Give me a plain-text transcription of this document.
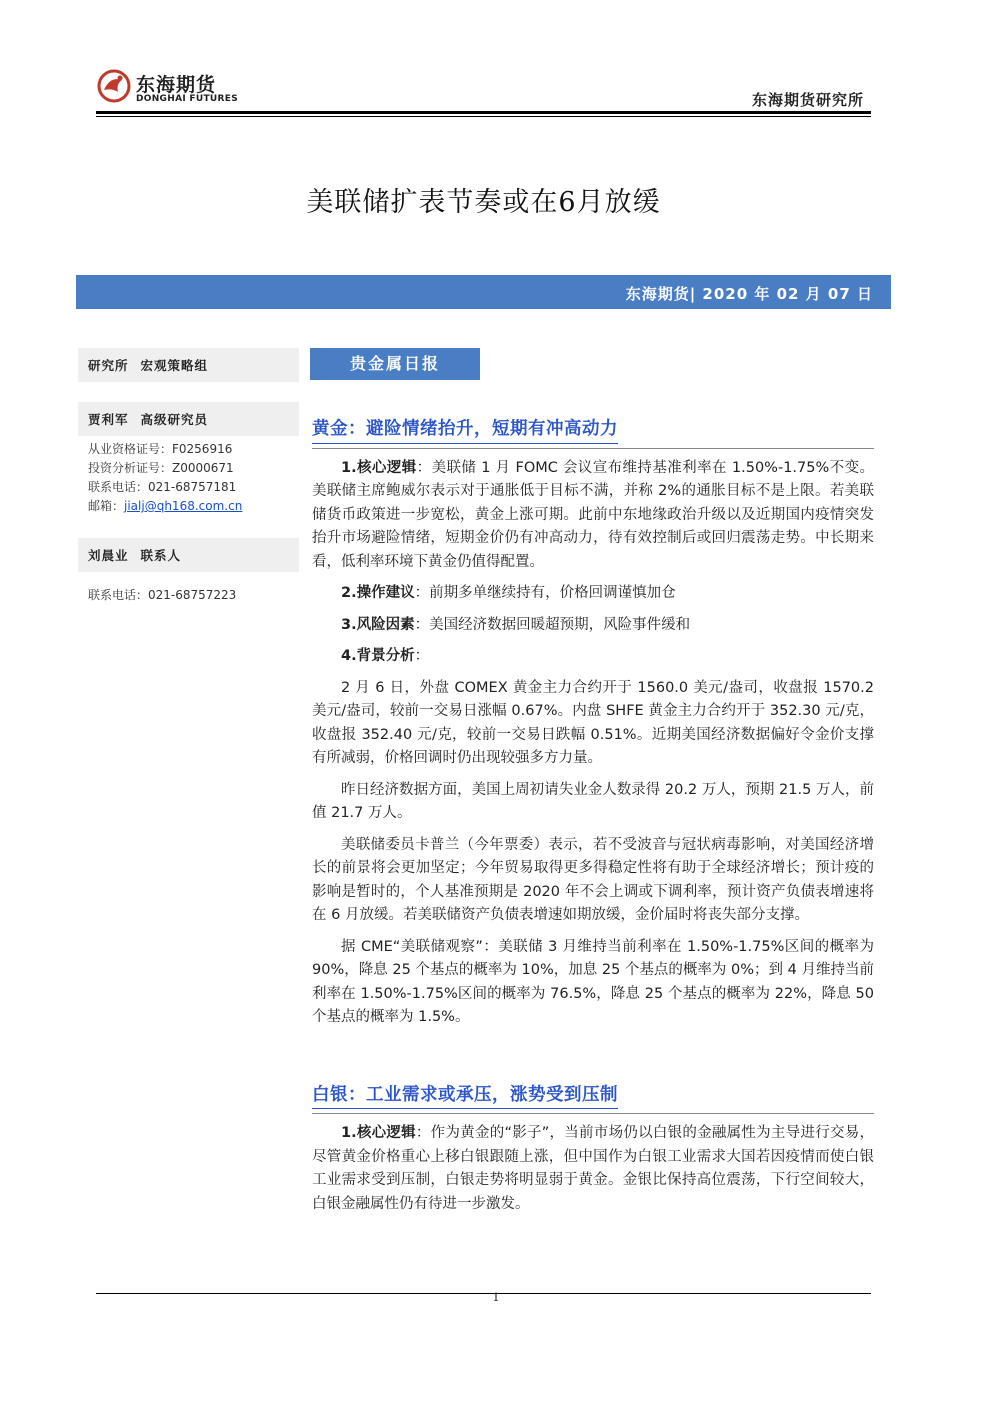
东海期货
DONGHAI FUTURES	东海期货研究所
美联储扩表节奏或在6月放缓
东海期货| 2020 年 02 月 07 日
研究所 宏观策略组
贾利军 高级研究员
从业资格证号：F0256916
投资分析证号：Z0000671
联系电话：021-68757181
邮箱：jialj@qh168.com.cn
刘晨业 联系人
联系电话：021-68757223
贵金属日报
黄金：避险情绪抬升，短期有冲高动力

1.核心逻辑：美联储 1 月 FOMC 会议宣布维持基准利率在 1.50%-1.75%不变。美联储主席鲍威尔表示对于通胀低于目标不满，并称 2%的通胀目标不是上限。若美联储货币政策进一步宽松，黄金上涨可期。此前中东地缘政治升级以及近期国内疫情突发抬升市场避险情绪，短期金价仍有冲高动力，待有效控制后或回归震荡走势。中长期来看，低利率环境下黄金仍值得配置。

2.操作建议：前期多单继续持有，价格回调谨慎加仓

3.风险因素：美国经济数据回暖超预期，风险事件缓和

4.背景分析：

2 月 6 日，外盘 COMEX 黄金主力合约开于 1560.0 美元/盎司，收盘报 1570.2 美元/盎司，较前一交易日涨幅 0.67%。内盘 SHFE 黄金主力合约开于 352.30 元/克，收盘报 352.40 元/克，较前一交易日跌幅 0.51%。近期美国经济数据偏好令金价支撑有所减弱，价格回调时仍出现较强多方力量。

昨日经济数据方面，美国上周初请失业金人数录得 20.2 万人，预期 21.5 万人，前值 21.7 万人。

美联储委员卡普兰（今年票委）表示，若不受波音与冠状病毒影响，对美国经济增长的前景将会更加坚定；今年贸易取得更多得稳定性将有助于全球经济增长；预计疫的影响是暂时的，个人基准预期是 2020 年不会上调或下调利率，预计资产负债表增速将在 6 月放缓。若美联储资产负债表增速如期放缓，金价届时将丧失部分支撑。

据 CME“美联储观察”：美联储 3 月维持当前利率在 1.50%-1.75%区间的概率为 90%，降息 25 个基点的概率为 10%，加息 25 个基点的概率为 0%；到 4 月维持当前利率在 1.50%-1.75%区间的概率为 76.5%，降息 25 个基点的概率为 22%，降息 50 个基点的概率为 1.5%。

白银：工业需求或承压，涨势受到压制

1.核心逻辑：作为黄金的“影子”，当前市场仍以白银的金融属性为主导进行交易，尽管黄金价格重心上移白银跟随上涨，但中国作为白银工业需求大国若因疫情而使白银工业需求受到压制，白银走势将明显弱于黄金。金银比保持高位震荡，下行空间较大，白银金融属性仍有待进一步激发。

1
